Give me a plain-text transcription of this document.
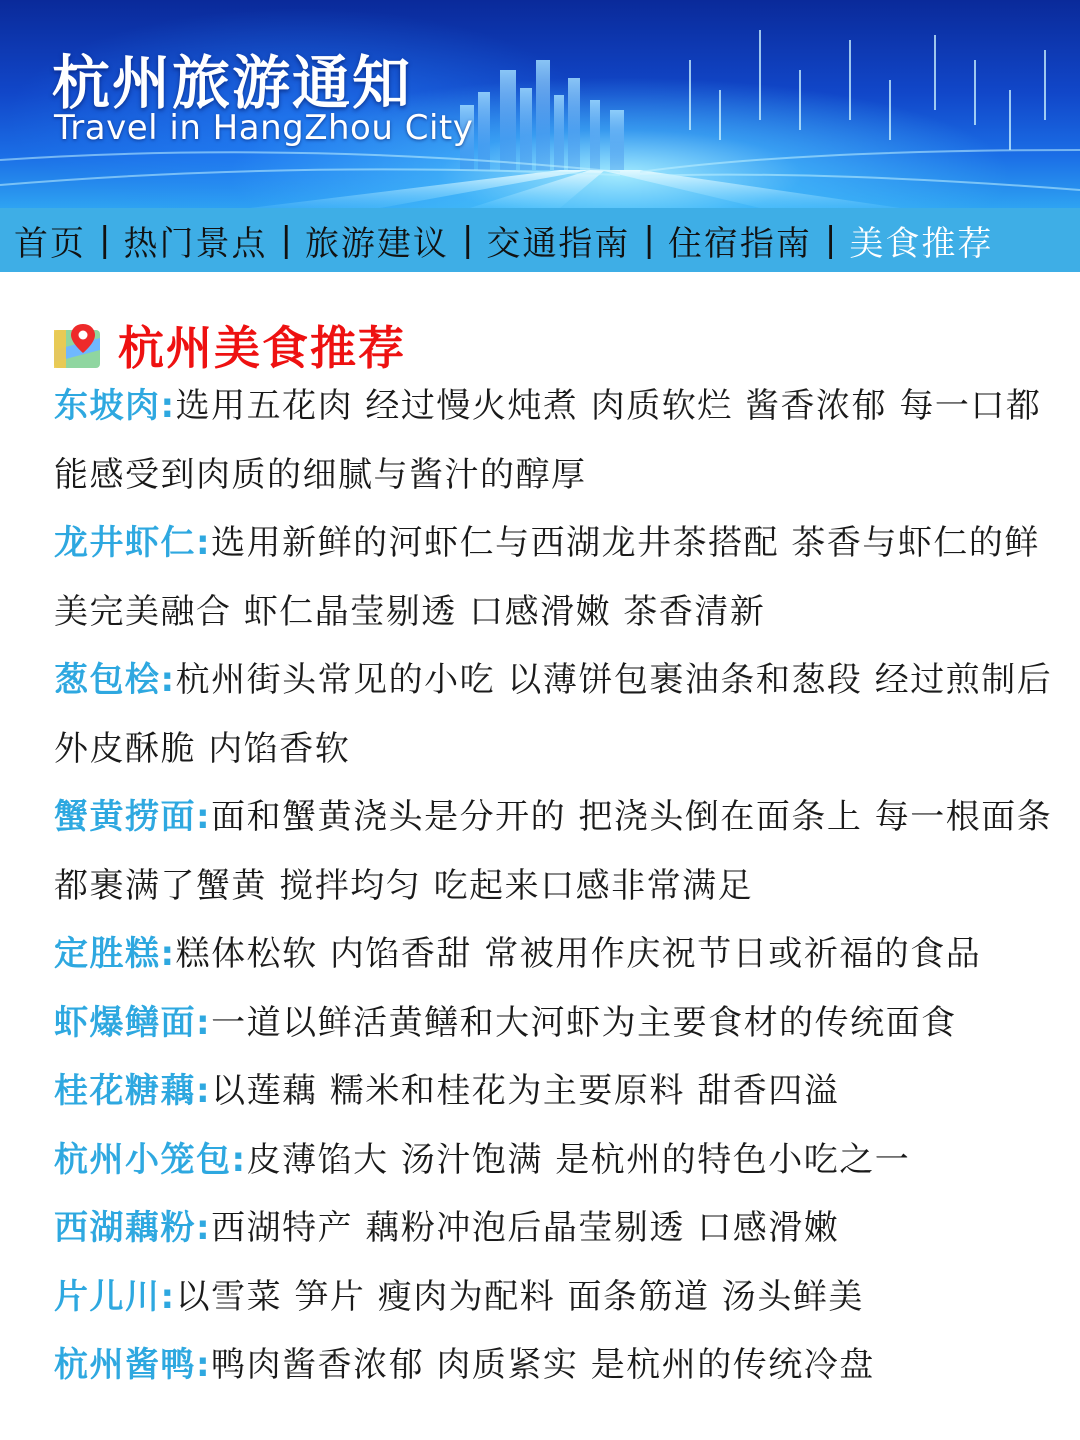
杭州旅游通知
Travel in HangZhou City
首页 | 热门景点 | 旅游建议 | 交通指南 | 住宿指南 | 美食推荐
杭州美食推荐

东坡肉:选用五花肉 经过慢火炖煮 肉质软烂 酱香浓郁 每一口都能感受到肉质的细腻与酱汁的醇厚

龙井虾仁:选用新鲜的河虾仁与西湖龙井茶搭配 茶香与虾仁的鲜美完美融合 虾仁晶莹剔透 口感滑嫩 茶香清新

葱包桧:杭州街头常见的小吃 以薄饼包裹油条和葱段 经过煎制后外皮酥脆 内馅香软

蟹黄捞面:面和蟹黄浇头是分开的 把浇头倒在面条上 每一根面条都裹满了蟹黄 搅拌均匀 吃起来口感非常满足

定胜糕:糕体松软 内馅香甜 常被用作庆祝节日或祈福的食品

虾爆鳝面:一道以鲜活黄鳝和大河虾为主要食材的传统面食

桂花糖藕:以莲藕 糯米和桂花为主要原料 甜香四溢

杭州小笼包:皮薄馅大 汤汁饱满 是杭州的特色小吃之一

西湖藕粉:西湖特产 藕粉冲泡后晶莹剔透 口感滑嫩

片儿川:以雪菜 笋片 瘦肉为配料 面条筋道 汤头鲜美

杭州酱鸭:鸭肉酱香浓郁 肉质紧实 是杭州的传统冷盘
